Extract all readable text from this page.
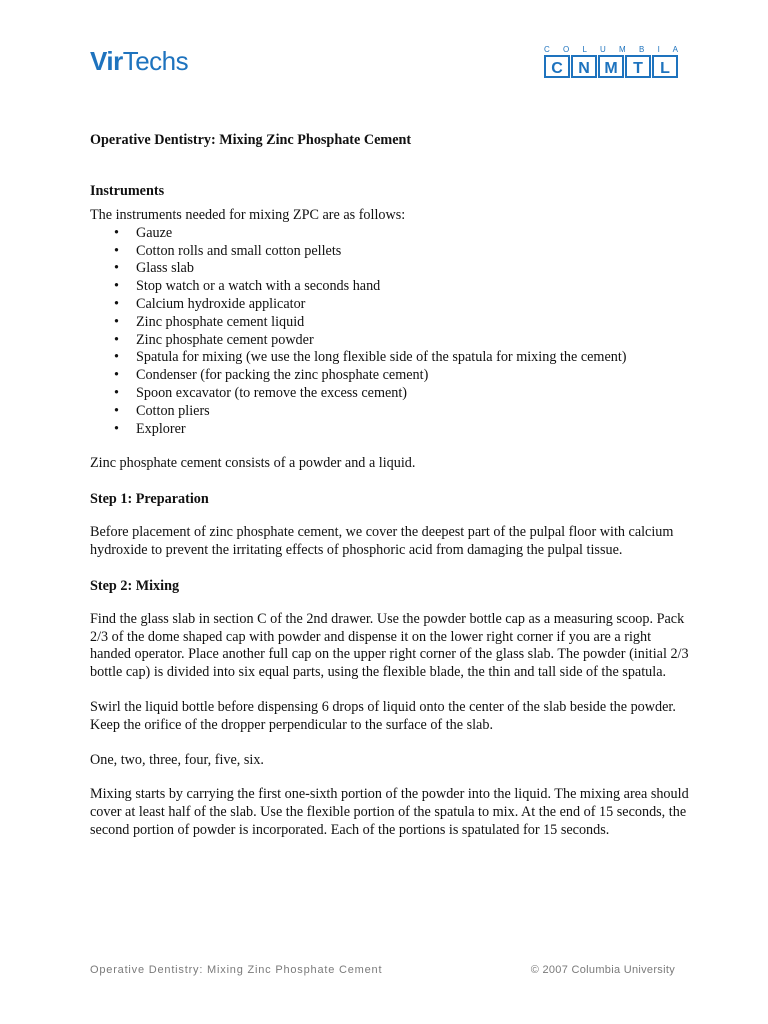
VirTechs	C O L U M B I A
C N M T L
Operative Dentistry: Mixing Zinc Phosphate Cement
Instruments

The instruments needed for mixing ZPC are as follows:

• Gauze
• Cotton rolls and small cotton pellets
• Glass slab
• Stop watch or a watch with a seconds hand
• Calcium hydroxide applicator
• Zinc phosphate cement liquid
• Zinc phosphate cement powder
• Spatula for mixing (we use the long flexible side of the spatula for mixing the cement)
• Condenser (for packing the zinc phosphate cement)
• Spoon excavator (to remove the excess cement)
• Cotton pliers
• Explorer

Zinc phosphate cement consists of a powder and a liquid.

Step 1: Preparation

Before placement of zinc phosphate cement, we cover the deepest part of the pulpal floor with calcium hydroxide to prevent the irritating effects of phosphoric acid from damaging the pulpal tissue.

Step 2: Mixing

Find the glass slab in section C of the 2nd drawer. Use the powder bottle cap as a measuring scoop. Pack 2/3 of the dome shaped cap with powder and dispense it on the lower right corner if you are a right handed operator. Place another full cap on the upper right corner of the glass slab. The powder (initial 2/3 bottle cap) is divided into six equal parts, using the flexible blade, the thin and tall side of the spatula.

Swirl the liquid bottle before dispensing 6 drops of liquid onto the center of the slab beside the powder. Keep the orifice of the dropper perpendicular to the surface of the slab.

One, two, three, four, five, six.

Mixing starts by carrying the first one-sixth portion of the powder into the liquid. The mixing area should cover at least half of the slab. Use the flexible portion of the spatula to mix. At the end of 15 seconds, the second portion of powder is incorporated. Each of the portions is spatulated for 15 seconds.

Operative Dentistry: Mixing Zinc Phosphate Cement	© 2007 Columbia University
